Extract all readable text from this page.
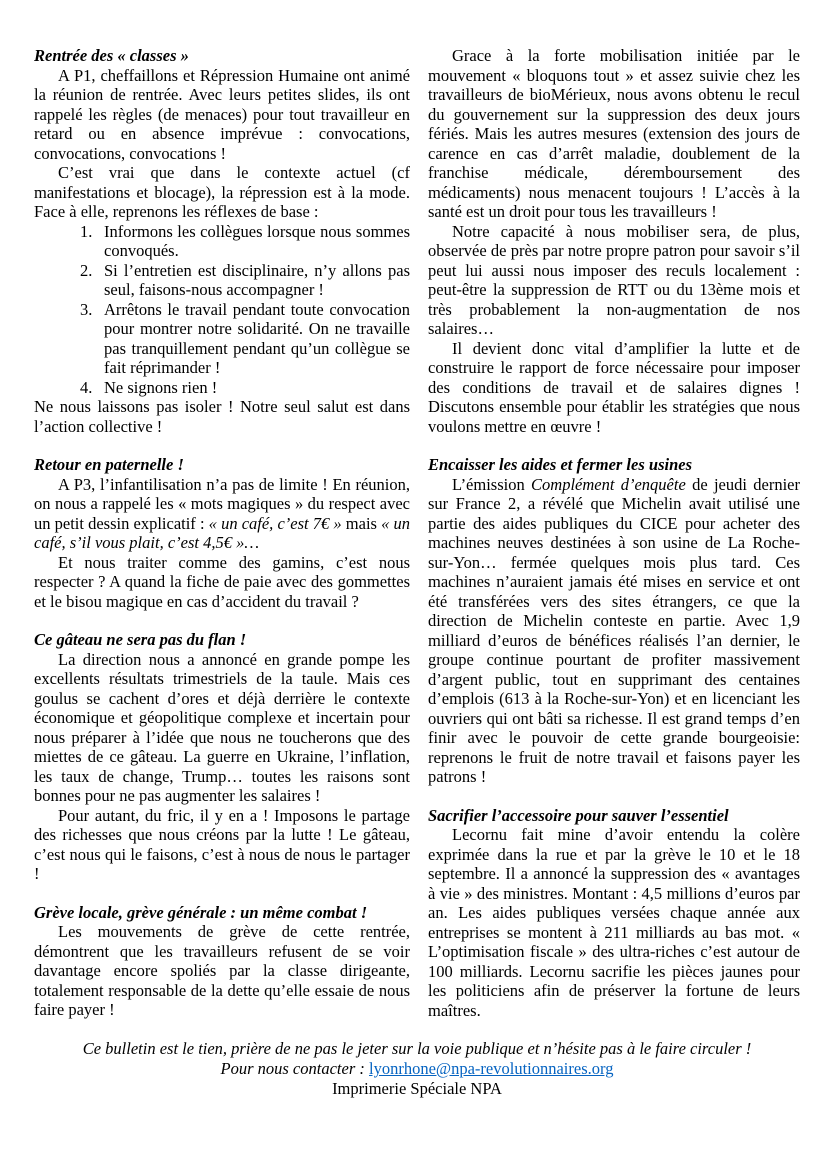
Rentrée des « classes »

A P1, cheffaillons et Répression Humaine ont animé la réunion de rentrée. Avec leurs petites slides, ils ont rappelé les règles (de menaces) pour tout travailleur en retard ou en absence imprévue : convocations, convocations, convocations !

C’est vrai que dans le contexte actuel (cf manifestations et blocage), la répression est à la mode. Face à elle, reprenons les réflexes de base :

1. Informons les collègues lorsque nous sommes convoqués.
2. Si l’entretien est disciplinaire, n’y allons pas seul, faisons-nous accompagner !
3. Arrêtons le travail pendant toute convocation pour montrer notre solidarité. On ne travaille pas tranquillement pendant qu’un collègue se fait réprimander !
4. Ne signons rien !

Ne nous laissons pas isoler ! Notre seul salut est dans l’action collective !

Retour en paternelle !

A P3, l’infantilisation n’a pas de limite ! En réunion, on nous a rappelé les « mots magiques » du respect avec un petit dessin explicatif : « un café, c’est 7€ » mais « un café, s’il vous plait, c’est 4,5€ »…

Et nous traiter comme des gamins, c’est nous respecter ? A quand la fiche de paie avec des gommettes et le bisou magique en cas d’accident du travail ?

Ce gâteau ne sera pas du flan !

La direction nous a annoncé en grande pompe les excellents résultats trimestriels de la taule. Mais ces goulus se cachent d’ores et déjà derrière le contexte économique et géopolitique complexe et incertain pour nous préparer à l’idée que nous ne toucherons que des miettes de ce gâteau. La guerre en Ukraine, l’inflation, les taux de change, Trump… toutes les raisons sont bonnes pour ne pas augmenter les salaires !

Pour autant, du fric, il y en a ! Imposons le partage des richesses que nous créons par la lutte ! Le gâteau, c’est nous qui le faisons, c’est à nous de nous le partager !

Grève locale, grève générale : un même combat !

Les mouvements de grève de cette rentrée, démontrent que les travailleurs refusent de se voir davantage encore spoliés par la classe dirigeante, totalement responsable de la dette qu’elle essaie de nous faire payer !

Grace à la forte mobilisation initiée par le mouvement « bloquons tout » et assez suivie chez les travailleurs de bioMérieux, nous avons obtenu le recul du gouvernement sur la suppression des deux jours fériés. Mais les autres mesures (extension des jours de carence en cas d’arrêt maladie, doublement de la franchise médicale, déremboursement des médicaments) nous menacent toujours ! L’accès à la santé est un droit pour tous les travailleurs !

Notre capacité à nous mobiliser sera, de plus, observée de près par notre propre patron pour savoir s’il peut lui aussi nous imposer des reculs localement : peut-être la suppression de RTT ou du 13ème mois et très probablement la non-augmentation de nos salaires…

Il devient donc vital d’amplifier la lutte et de construire le rapport de force nécessaire pour imposer des conditions de travail et de salaires dignes ! Discutons ensemble pour établir les stratégies que nous voulons mettre en œuvre !

Encaisser les aides et fermer les usines

L’émission Complément d’enquête de jeudi dernier sur France 2, a révélé que Michelin avait utilisé une partie des aides publiques du CICE pour acheter des machines neuves destinées à son usine de La Roche-sur-Yon… fermée quelques mois plus tard. Ces machines n’auraient jamais été mises en service et ont été transférées vers des sites étrangers, ce que la direction de Michelin conteste en partie. Avec 1,9 milliard d’euros de bénéfices réalisés l’an dernier, le groupe continue pourtant de profiter massivement d’argent public, tout en supprimant des centaines d’emplois (613 à la Roche-sur-Yon) et en licenciant les ouvriers qui ont bâti sa richesse. Il est grand temps d’en finir avec le pouvoir de cette grande bourgeoisie: reprenons le fruit de notre travail et faisons payer les patrons !

Sacrifier l’accessoire pour sauver l’essentiel

Lecornu fait mine d’avoir entendu la colère exprimée dans la rue et par la grève le 10 et le 18 septembre. Il a annoncé la suppression des « avantages à vie » des ministres. Montant : 4,5 millions d’euros par an. Les aides publiques versées chaque année aux entreprises se montent à 211 milliards au bas mot. « L’optimisation fiscale » des ultra-riches c’est autour de 100 milliards. Lecornu sacrifie les pièces jaunes pour les politiciens afin de préserver la fortune de leurs maîtres.

Ce bulletin est le tien, prière de ne pas le jeter sur la voie publique et n’hésite pas à le faire circuler !

Pour nous contacter : lyonrhone@npa-revolutionnaires.org

Imprimerie Spéciale NPA
